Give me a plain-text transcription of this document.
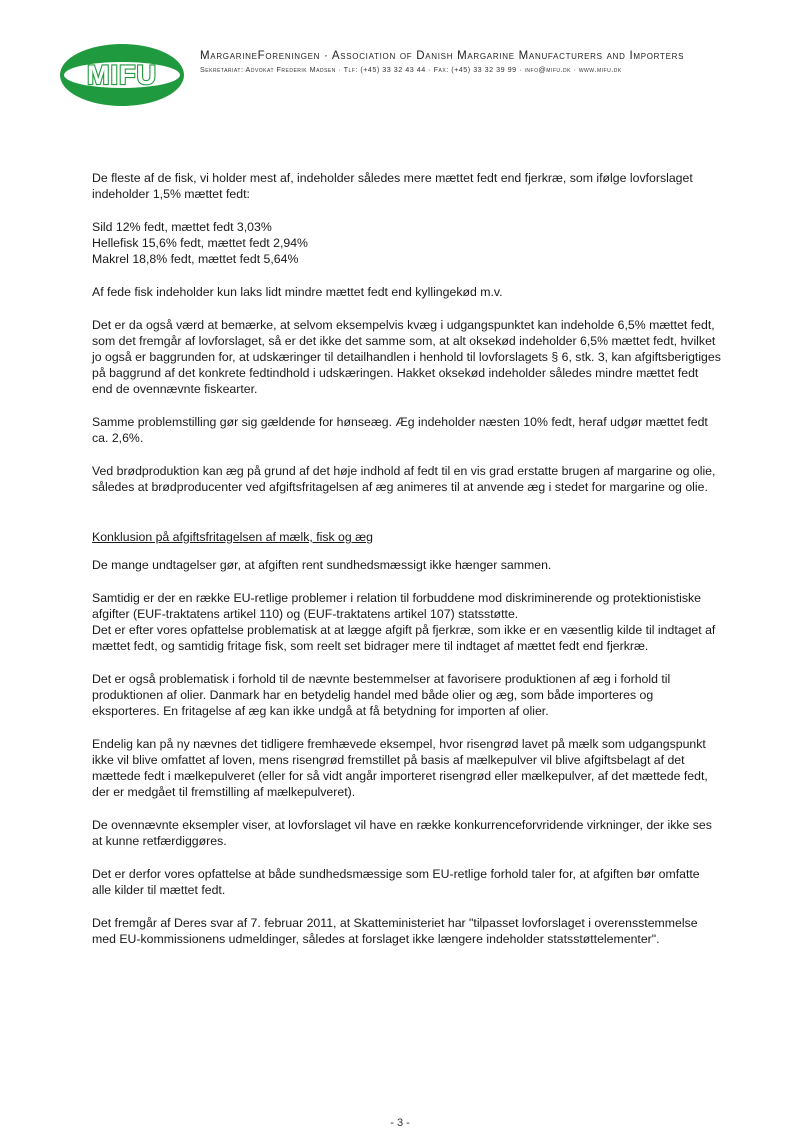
MIFU
MargarineForeningen · Association of Danish Margarine Manufacturers and Importers
Sekretariat: Advokat Frederik Madsen · Tlf: (+45) 33 32 43 44 · Fax: (+45) 33 32 39 99 · info@mifu.dk · www.mifu.dk

De fleste af de fisk, vi holder mest af, indeholder således mere mættet fedt end fjerkræ, som ifølge lovforslaget indeholder 1,5% mættet fedt:

Sild 12% fedt, mættet fedt 3,03%
Hellefisk 15,6% fedt, mættet fedt 2,94%
Makrel 18,8% fedt, mættet fedt 5,64%

Af fede fisk indeholder kun laks lidt mindre mættet fedt end kyllingekød m.v.

Det er da også værd at bemærke, at selvom eksempelvis kvæg i udgangspunktet kan indeholde 6,5% mættet fedt, som det fremgår af lovforslaget, så er det ikke det samme som, at alt oksekød indeholder 6,5% mættet fedt, hvilket jo også er baggrunden for, at udskæringer til detailhandlen i henhold til lovforslagets § 6, stk. 3, kan afgiftsberigtiges på baggrund af det konkrete fedtindhold i udskæringen. Hakket oksekød indeholder således mindre mættet fedt end de ovennævnte fiskearter.

Samme problemstilling gør sig gældende for hønseæg. Æg indeholder næsten 10% fedt, heraf udgør mættet fedt ca. 2,6%.

Ved brødproduktion kan æg på grund af det høje indhold af fedt til en vis grad erstatte brugen af margarine og olie, således at brødproducenter ved afgiftsfritagelsen af æg animeres til at anvende æg i stedet for margarine og olie.

Konklusion på afgiftsfritagelsen af mælk, fisk og æg

De mange undtagelser gør, at afgiften rent sundhedsmæssigt ikke hænger sammen.

Samtidig er der en række EU-retlige problemer i relation til forbuddene mod diskriminerende og protektionistiske afgifter (EUF-traktatens artikel 110) og (EUF-traktatens artikel 107) statsstøtte.
Det er efter vores opfattelse problematisk at at lægge afgift på fjerkræ, som ikke er en væsentlig kilde til indtaget af mættet fedt, og samtidig fritage fisk, som reelt set bidrager mere til indtaget af mættet fedt end fjerkræ.

Det er også problematisk i forhold til de nævnte bestemmelser at favorisere produktionen af æg i forhold til produktionen af olier. Danmark har en betydelig handel med både olier og æg, som både importeres og eksporteres. En fritagelse af æg kan ikke undgå at få betydning for importen af olier.

Endelig kan på ny nævnes det tidligere fremhævede eksempel, hvor risengrød lavet på mælk som udgangspunkt ikke vil blive omfattet af loven, mens risengrød fremstillet på basis af mælkepulver vil blive afgiftsbelagt af det mættede fedt i mælkepulveret (eller for så vidt angår importeret risengrød eller mælkepulver, af det mættede fedt, der er medgået til fremstilling af mælkepulveret).

De ovennævnte eksempler viser, at lovforslaget vil have en række konkurrenceforvridende virkninger, der ikke ses at kunne retfærdiggøres.

Det er derfor vores opfattelse at både sundhedsmæssige som EU-retlige forhold taler for, at afgiften bør omfatte alle kilder til mættet fedt.

Det fremgår af Deres svar af 7. februar 2011, at Skatteministeriet har "tilpasset lovforslaget i overensstemmelse med EU-kommissionens udmeldinger, således at forslaget ikke længere indeholder statsstøttelementer".

- 3 -
